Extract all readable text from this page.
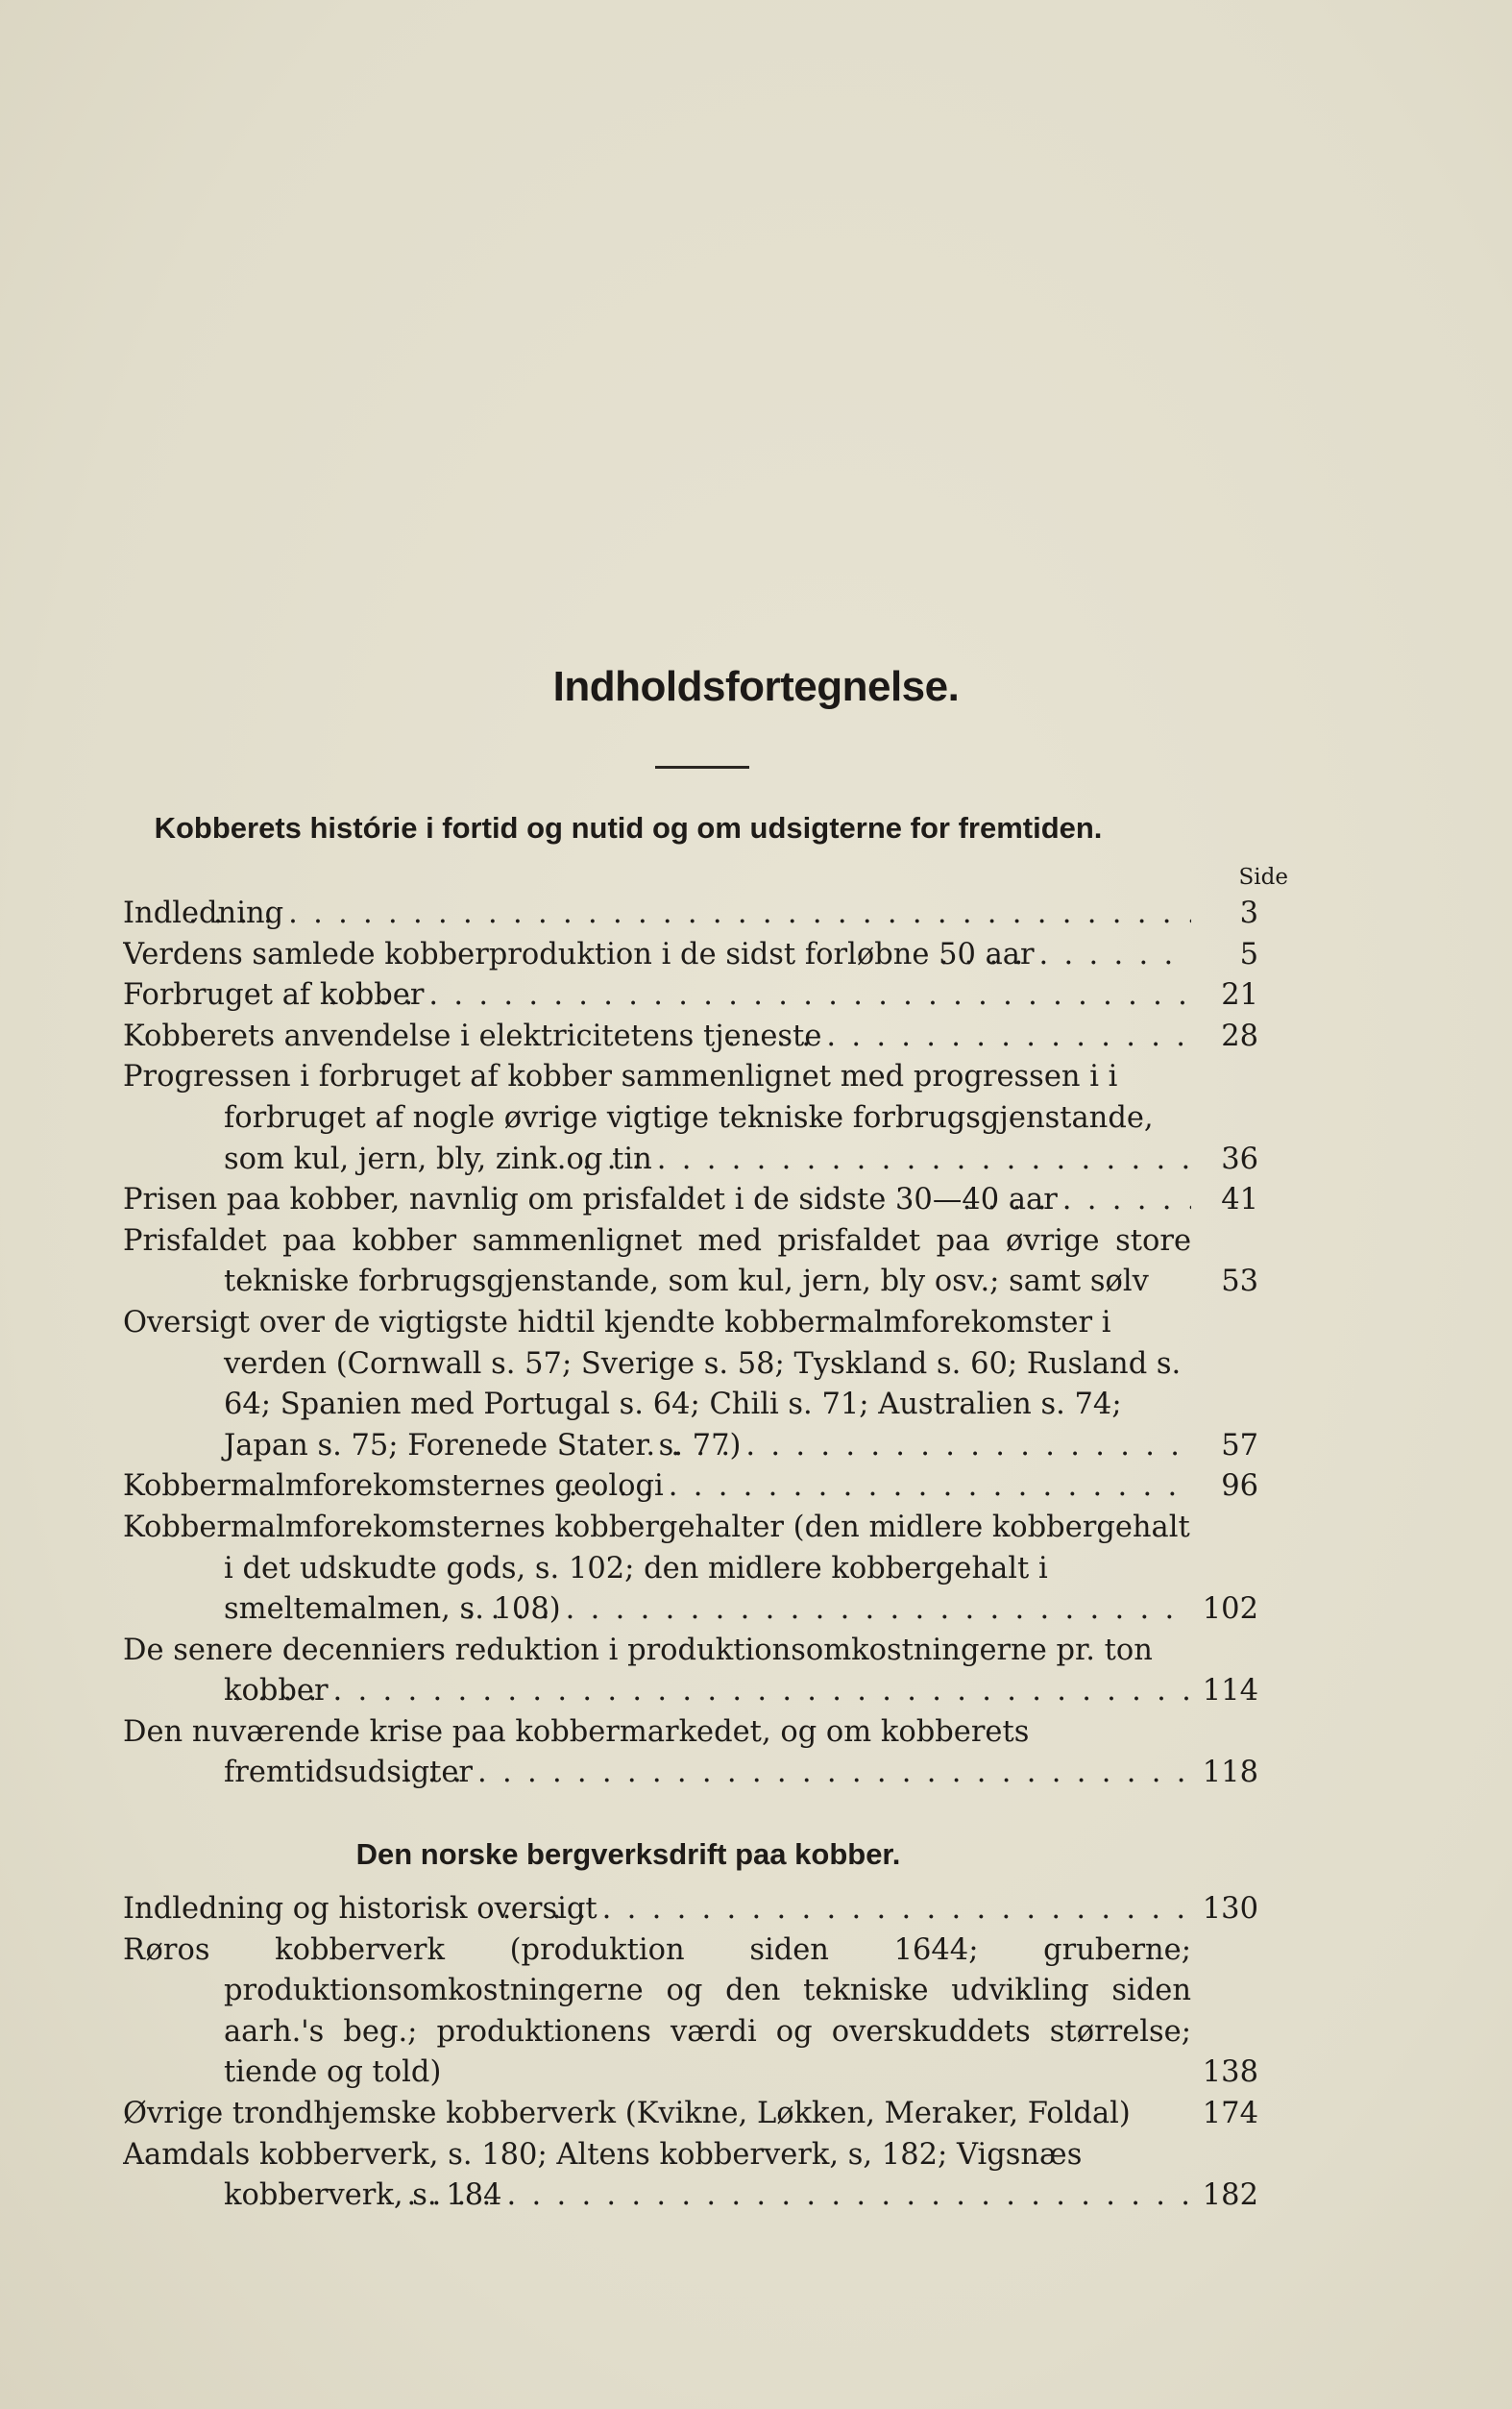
Indholdsfortegnelse.
Kobberets histórie i fortid og nutid og om udsigterne for fremtiden.
Side
Indledning . . .	3
Verdens samlede kobberproduktion i de sidst forløbne 50 aar . . .	5
Forbruget af kobber . . .	21
Kobberets anvendelse i elektricitetens tjeneste . . .	28
Progressen i forbruget af kobber sammenlignet med progressen i i forbruget af nogle øvrige vigtige tekniske forbrugsgjenstande, som kul, jern, bly, zink og tin . . .	36
Prisen paa kobber, navnlig om prisfaldet i de sidste 30—40 aar . . .	41
Prisfaldet paa kobber sammenlignet med prisfaldet paa øvrige store tekniske forbrugsgjenstande, som kul, jern, bly osv.; samt sølv	53
Oversigt over de vigtigste hidtil kjendte kobbermalmforekomster i verden (Cornwall s. 57; Sverige s. 58; Tyskland s. 60; Rusland s. 64; Spanien med Portugal s. 64; Chili s. 71; Australien s. 74; Japan s. 75; Forenede Stater s. 77) . . .	57
Kobbermalmforekomsternes geologi . . .	96
Kobbermalmforekomsternes kobbergehalter (den midlere kobbergehalt i det udskudte gods, s. 102; den midlere kobbergehalt i smeltemalmen, s. 108) . . .	102
De senere decenniers reduktion i produktionsomkostningerne pr. ton kobber . . .	114
Den nuværende krise paa kobbermarkedet, og om kobberets fremtidsudsigter . . .	118
Den norske bergverksdrift paa kobber.
Indledning og historisk oversigt . . .	130
Røros kobberverk (produktion siden 1644; gruberne; produktionsomkostningerne og den tekniske udvikling siden aarh.'s beg.; produktionens værdi og overskuddets størrelse; tiende og told)	138
Øvrige trondhjemske kobberverk (Kvikne, Løkken, Meraker, Foldal)	174
Aamdals kobberverk, s. 180; Altens kobberverk, s, 182; Vigsnæs kobberverk, s. 184 . . .	182
